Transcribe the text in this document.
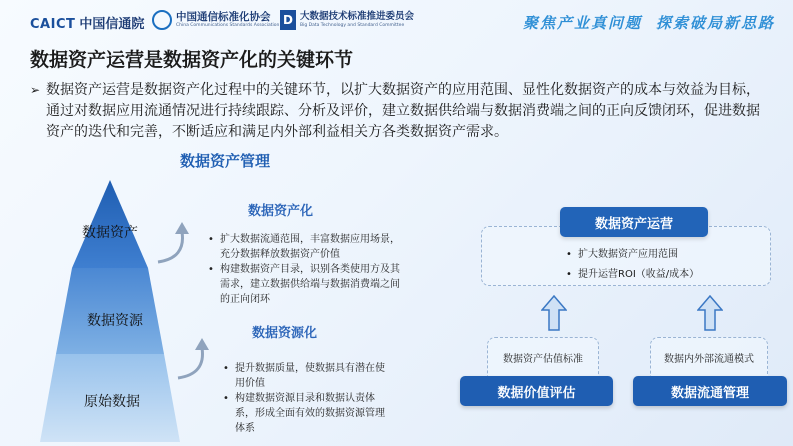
CAICT 中国信通院	中国通信标准化协会
China Communications Standards Association D 大数据技术标准推进委员会
Big Data Technology and Standard Committee	聚焦产业真问题 探索破局新思路
数据资产运营是数据资产化的关键环节
➢ 数据资产运营是数据资产化过程中的关键环节，以扩大数据资产的应用范围、显性化数据资产的成本与效益为目标，通过对数据应用流通情况进行持续跟踪、分析及评价，建立数据供给端与数据消费端之间的正向反馈闭环，促进数据资产的迭代和完善，不断适应和满足内外部利益相关方各类数据资产需求。
数据资产管理
数据资产
数据资源
原始数据
数据资产化
• 扩大数据流通范围，丰富数据应用场景，充分数据释放数据资产价值
• 构建数据资产目录，识别各类使用方及其需求，建立数据供给端与数据消费端之间的正向闭环
数据资源化
• 提升数据质量，使数据具有潜在使用价值
• 构建数据资源目录和数据认责体系，形成全面有效的数据资源管理体系
数据资产运营
• 扩大数据资产应用范围
• 提升运营ROI（收益/成本）
数据资产估值标准	数据内外部流通模式
数据价值评估	数据流通管理
